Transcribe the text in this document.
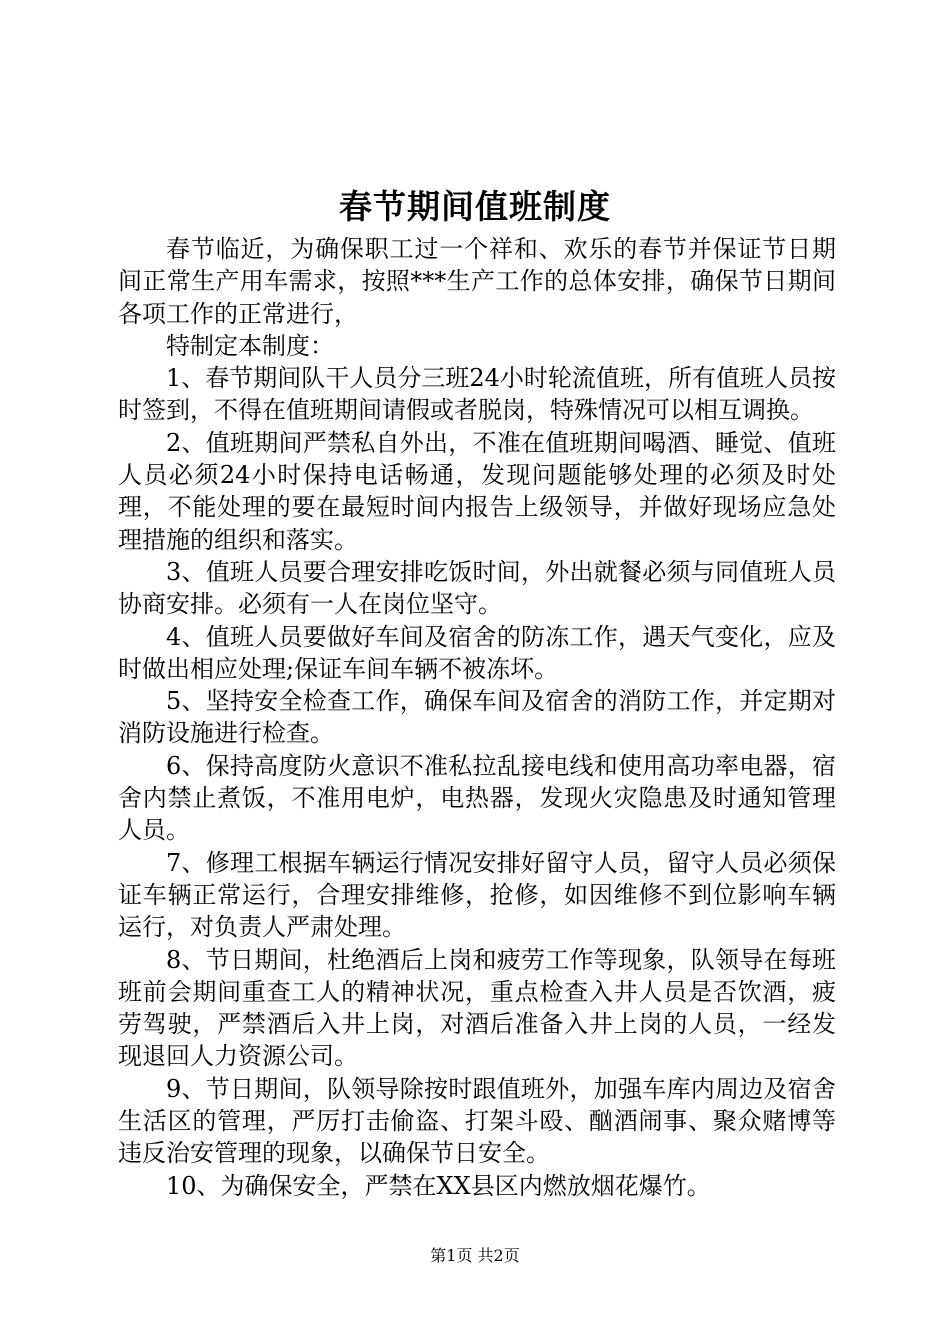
春节期间值班制度

春节临近，为确保职工过一个祥和、欢乐的春节并保证节日期间正常生产用车需求，按照***生产工作的总体安排，确保节日期间各项工作的正常进行，

特制定本制度：

1、春节期间队干人员分三班24小时轮流值班，所有值班人员按时签到，不得在值班期间请假或者脱岗，特殊情况可以相互调换。

2、值班期间严禁私自外出，不准在值班期间喝酒、睡觉、值班人员必须24小时保持电话畅通，发现问题能够处理的必须及时处理，不能处理的要在最短时间内报告上级领导，并做好现场应急处理措施的组织和落实。

3、值班人员要合理安排吃饭时间，外出就餐必须与同值班人员协商安排。必须有一人在岗位坚守。

4、值班人员要做好车间及宿舍的防冻工作，遇天气变化，应及时做出相应处理;保证车间车辆不被冻坏。

5、坚持安全检查工作，确保车间及宿舍的消防工作，并定期对消防设施进行检查。

6、保持高度防火意识不准私拉乱接电线和使用高功率电器，宿舍内禁止煮饭，不准用电炉，电热器，发现火灾隐患及时通知管理人员。

7、修理工根据车辆运行情况安排好留守人员，留守人员必须保证车辆正常运行，合理安排维修，抢修，如因维修不到位影响车辆运行，对负责人严肃处理。

8、节日期间，杜绝酒后上岗和疲劳工作等现象，队领导在每班班前会期间重查工人的精神状况，重点检查入井人员是否饮酒，疲劳驾驶，严禁酒后入井上岗，对酒后准备入井上岗的人员，一经发现退回人力资源公司。

9、节日期间，队领导除按时跟值班外，加强车库内周边及宿舍生活区的管理，严厉打击偷盗、打架斗殴、酗酒闹事、聚众赌博等违反治安管理的现象，以确保节日安全。

10、为确保安全，严禁在XX县区内燃放烟花爆竹。

第1页 共2页
